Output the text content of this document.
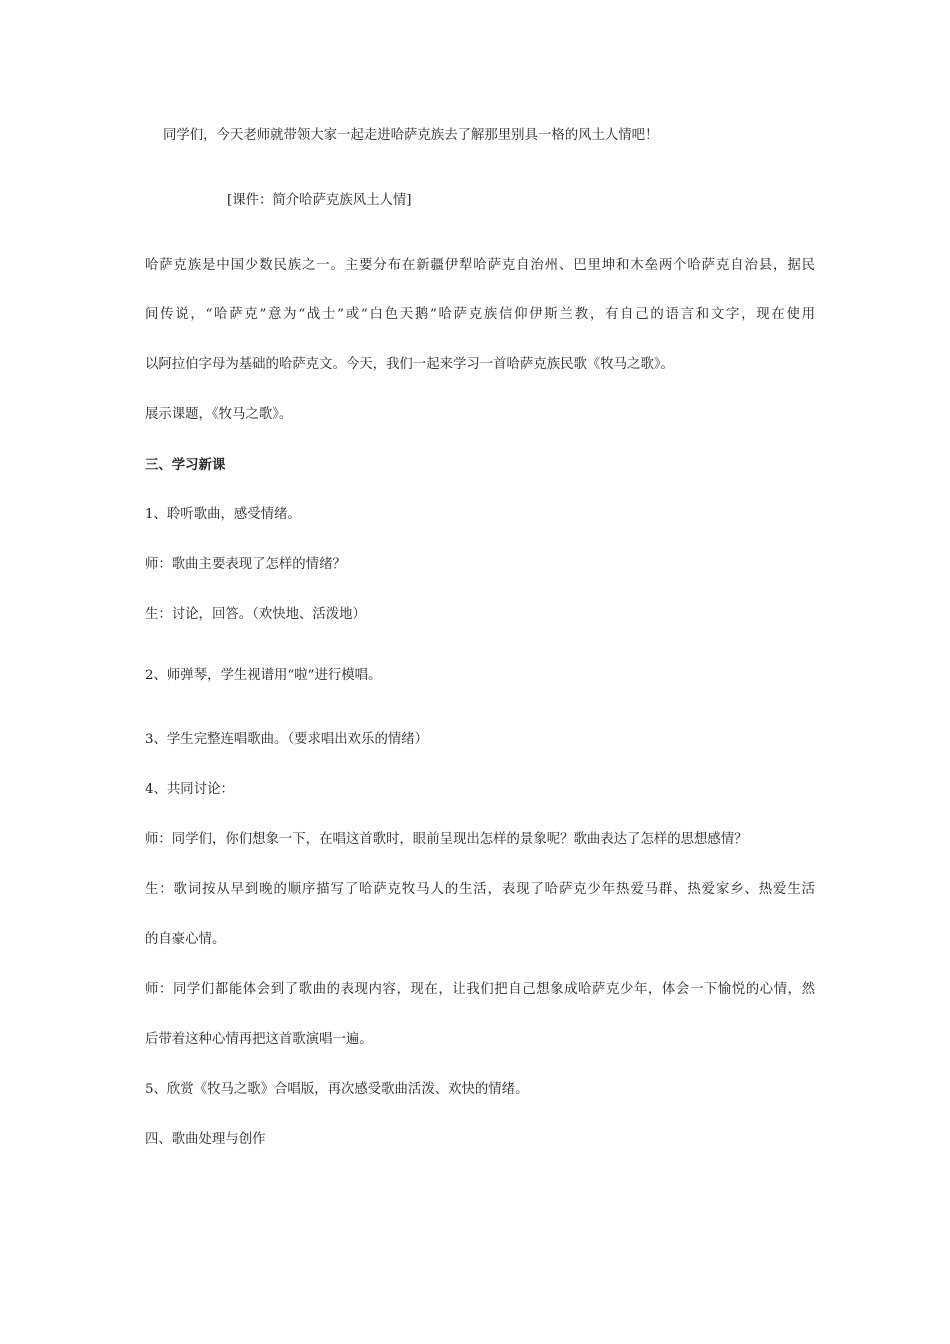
同学们，今天老师就带领大家一起走进哈萨克族去了解那里别具一格的风土人情吧！
[课件：简介哈萨克族风土人情]
哈萨克族是中国少数民族之一。主要分布在新疆伊犁哈萨克自治州、巴里坤和木垒两个哈萨克自治县，据民
间传说，“哈萨克”意为“战士”或“白色天鹅”哈萨克族信仰伊斯兰教，有自己的语言和文字，现在使用
以阿拉伯字母为基础的哈萨克文。今天，我们一起来学习一首哈萨克族民歌《牧马之歌》。
展示课题，《牧马之歌》。
三、学习新课
1、聆听歌曲，感受情绪。
师：歌曲主要表现了怎样的情绪？
生：讨论，回答。（欢快地、活泼地）
2、师弹琴，学生视谱用“啦”进行模唱。
3、学生完整连唱歌曲。（要求唱出欢乐的情绪）
4、共同讨论：
师：同学们，你们想象一下，在唱这首歌时，眼前呈现出怎样的景象呢？歌曲表达了怎样的思想感情？
生：歌词按从早到晚的顺序描写了哈萨克牧马人的生活，表现了哈萨克少年热爱马群、热爱家乡、热爱生活
的自豪心情。
师：同学们都能体会到了歌曲的表现内容，现在，让我们把自己想象成哈萨克少年，体会一下愉悦的心情，然
后带着这种心情再把这首歌演唱一遍。
5、欣赏《牧马之歌》合唱版，再次感受歌曲活泼、欢快的情绪。
四、歌曲处理与创作
